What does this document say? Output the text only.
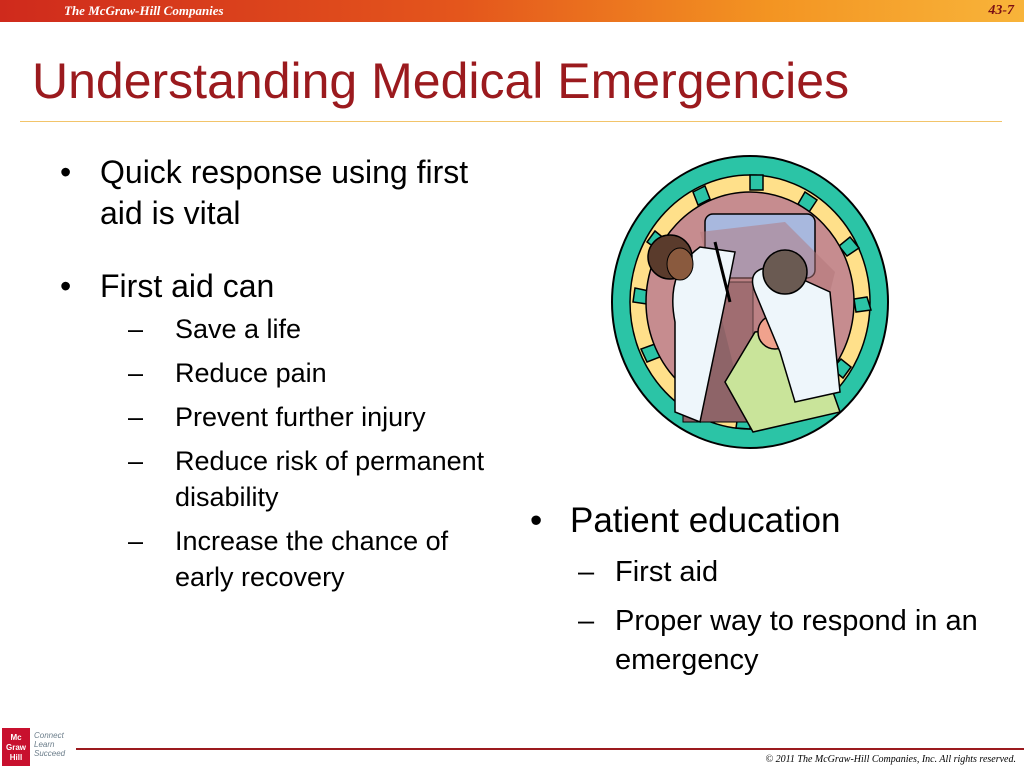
The McGraw-Hill Companies	43-7
Understanding Medical Emergencies
• Quick response using first aid is vital
• First aid can
– Save a life
– Reduce pain
– Prevent further injury
– Reduce risk of permanent disability
– Increase the chance of early recovery
• Patient education
– First aid
– Proper way to respond in an emergency
Mc
Graw
Hill
Connect
Learn
Succeed
© 2011 The McGraw-Hill Companies, Inc. All rights reserved.
